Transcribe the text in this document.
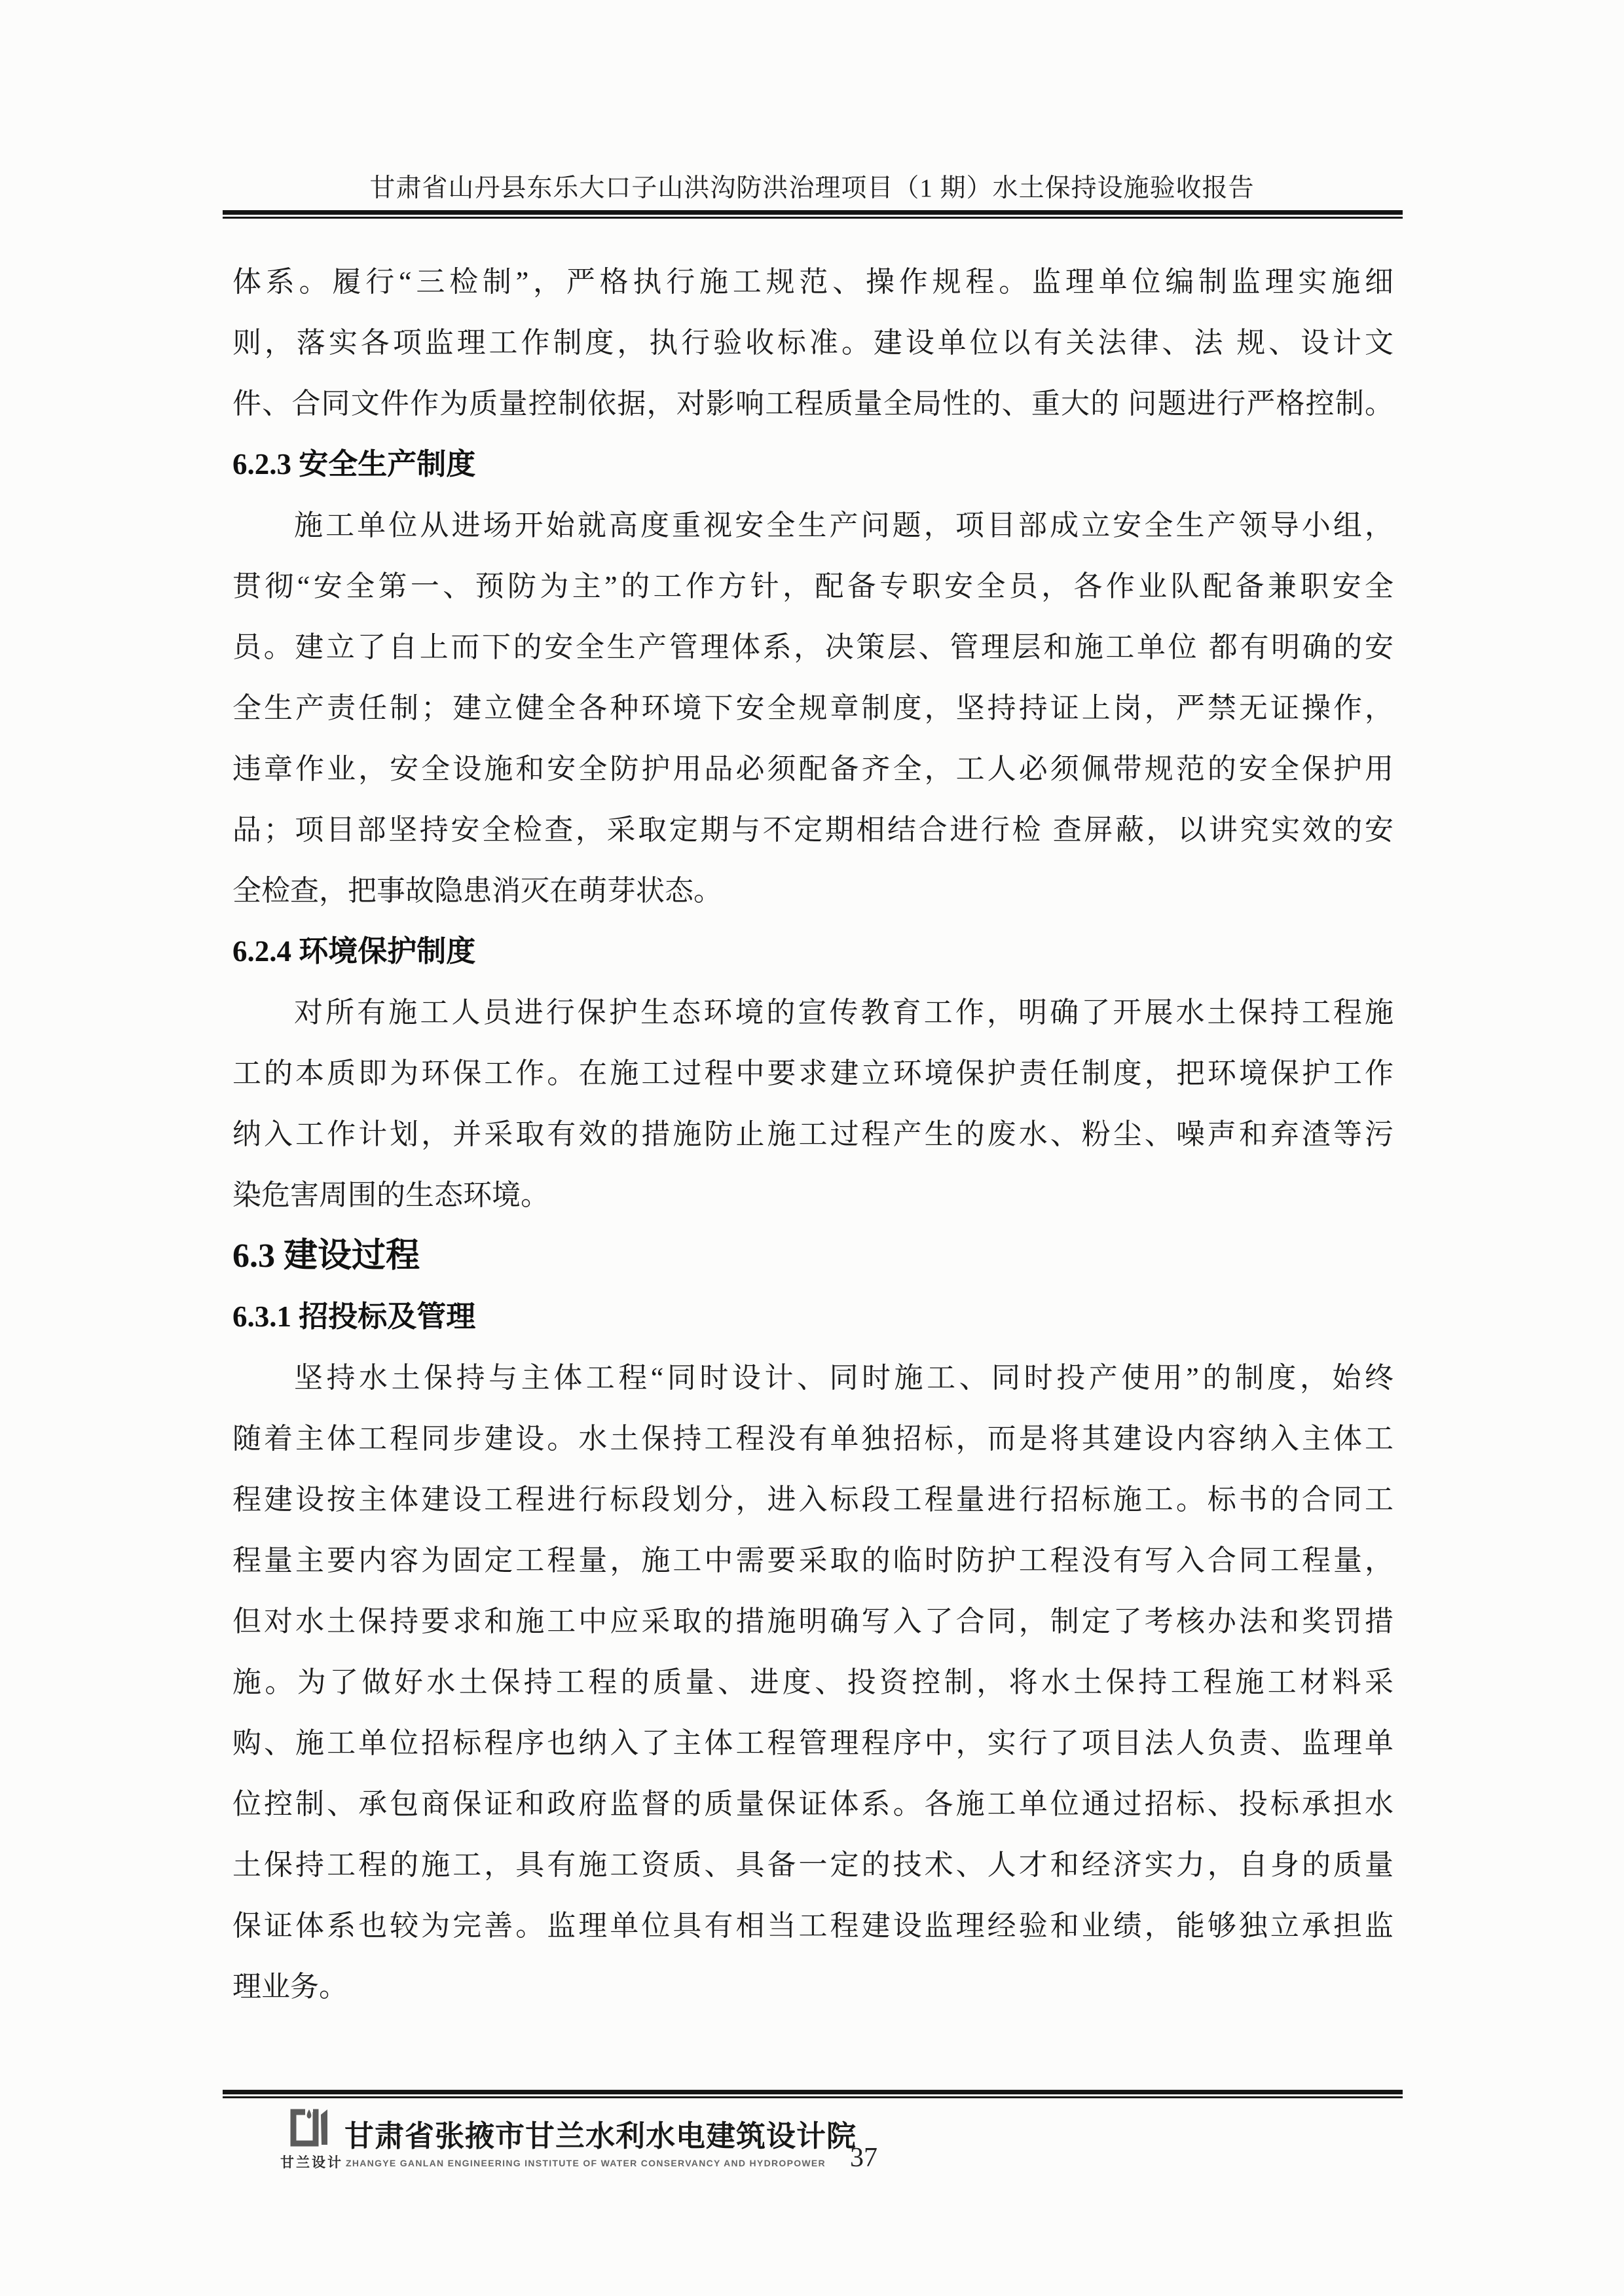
甘肃省山丹县东乐大口子山洪沟防洪治理项目（1 期）水土保持设施验收报告
体系。履行“三检制”，严格执行施工规范、操作规程。监理单位编制监理实施细
则，落实各项监理工作制度，执行验收标准。建设单位以有关法律、法 规、设计文
件、合同文件作为质量控制依据，对影响工程质量全局性的、重大的 问题进行严格控制。
6.2.3 安全生产制度
施工单位从进场开始就高度重视安全生产问题，项目部成立安全生产领导小组，
贯彻“安全第一、预防为主”的工作方针，配备专职安全员，各作业队配备兼职安全
员。建立了自上而下的安全生产管理体系，决策层、管理层和施工单位 都有明确的安
全生产责任制；建立健全各种环境下安全规章制度，坚持持证上岗，严禁无证操作，
违章作业，安全设施和安全防护用品必须配备齐全，工人必须佩带规范的安全保护用
品；项目部坚持安全检查，采取定期与不定期相结合进行检 查屏蔽，以讲究实效的安
全检查，把事故隐患消灭在萌芽状态。
6.2.4 环境保护制度
对所有施工人员进行保护生态环境的宣传教育工作，明确了开展水土保持工程施
工的本质即为环保工作。在施工过程中要求建立环境保护责任制度，把环境保护工作
纳入工作计划，并采取有效的措施防止施工过程产生的废水、粉尘、噪声和弃渣等污
染危害周围的生态环境。
6.3 建设过程
6.3.1 招投标及管理
坚持水土保持与主体工程“同时设计、同时施工、同时投产使用”的制度，始终
随着主体工程同步建设。水土保持工程没有单独招标，而是将其建设内容纳入主体工
程建设按主体建设工程进行标段划分，进入标段工程量进行招标施工。标书的合同工
程量主要内容为固定工程量，施工中需要采取的临时防护工程没有写入合同工程量，
但对水土保持要求和施工中应采取的措施明确写入了合同，制定了考核办法和奖罚措
施。为了做好水土保持工程的质量、进度、投资控制，将水土保持工程施工材料采
购、施工单位招标程序也纳入了主体工程管理程序中，实行了项目法人负责、监理单
位控制、承包商保证和政府监督的质量保证体系。各施工单位通过招标、投标承担水
土保持工程的施工，具有施工资质、具备一定的技术、人才和经济实力，自身的质量
保证体系也较为完善。监理单位具有相当工程建设监理经验和业绩，能够独立承担监
理业务。
甘兰设计
甘肃省张掖市甘兰水利水电建筑设计院
ZHANGYE GANLAN ENGINEERING INSTITUTE OF WATER CONSERVANCY AND HYDROPOWER 37
